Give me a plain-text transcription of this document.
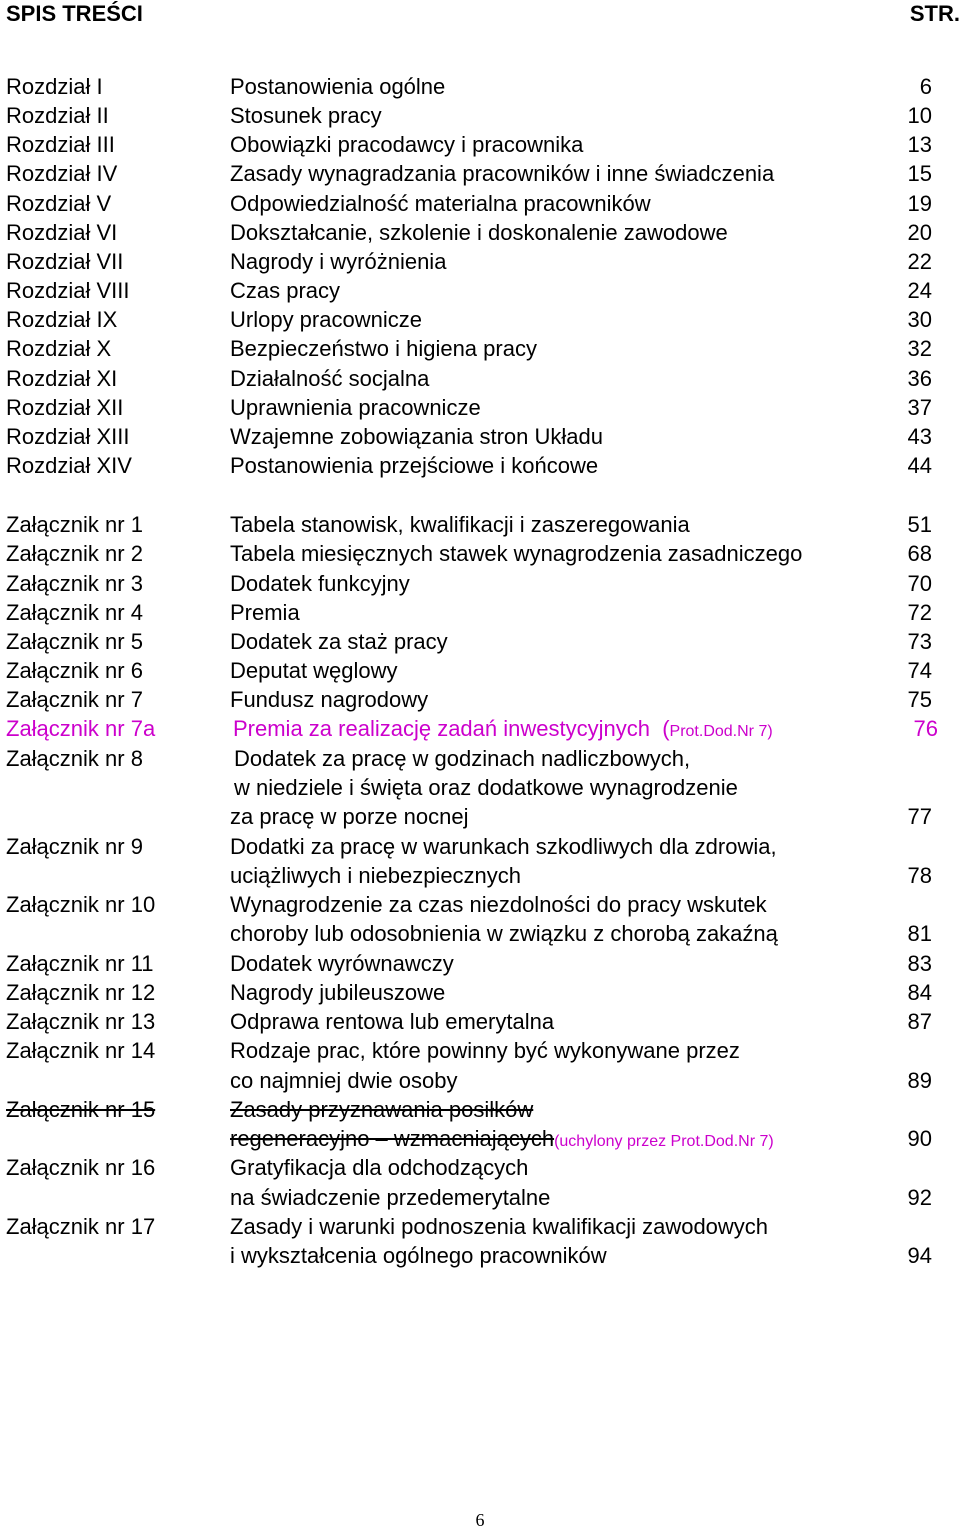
SPIS TREŚCI	STR.
Rozdział I	Postanowienia ogólne	6
Rozdział II	Stosunek pracy	10
Rozdział III	Obowiązki pracodawcy i pracownika	13
Rozdział IV	Zasady wynagradzania pracowników i inne świadczenia	15
Rozdział V	Odpowiedzialność materialna pracowników	19
Rozdział VI	Dokształcanie, szkolenie i doskonalenie zawodowe	20
Rozdział VII	Nagrody i wyróżnienia	22
Rozdział VIII	Czas pracy	24
Rozdział IX	Urlopy pracownicze	30
Rozdział X	Bezpieczeństwo i higiena pracy	32
Rozdział XI	Działalność socjalna	36
Rozdział XII	Uprawnienia pracownicze	37
Rozdział XIII	Wzajemne zobowiązania stron Układu	43
Rozdział XIV	Postanowienia przejściowe i końcowe	44
Załącznik nr 1	Tabela stanowisk, kwalifikacji i zaszeregowania	51
Załącznik nr 2	Tabela miesięcznych stawek wynagrodzenia zasadniczego	68
Załącznik nr 3	Dodatek funkcyjny	70
Załącznik nr 4	Premia	72
Załącznik nr 5	Dodatek za staż pracy	73
Załącznik nr 6	Deputat węglowy	74
Załącznik nr 7	Fundusz nagrodowy	75
Załącznik nr 7a	Premia za realizację zadań inwestycyjnych (Prot.Dod.Nr 7)	76
Załącznik nr 8	Dodatek za pracę w godzinach nadliczbowych,
w niedziele i święta oraz dodatkowe wynagrodzenie
za pracę w porze nocnej	77
Załącznik nr 9	Dodatki za pracę w warunkach szkodliwych dla zdrowia,
uciążliwych i niebezpiecznych	78
Załącznik nr 10	Wynagrodzenie za czas niezdolności do pracy wskutek
choroby lub odosobnienia w związku z chorobą zakaźną	81
Załącznik nr 11	Dodatek wyrównawczy	83
Załącznik nr 12	Nagrody jubileuszowe	84
Załącznik nr 13	Odprawa rentowa lub emerytalna	87
Załącznik nr 14	Rodzaje prac, które powinny być wykonywane przez
co najmniej dwie osoby	89
Załącznik nr 15	Zasady przyznawania posiłków
regeneracyjno – wzmacniających(uchylony przez Prot.Dod.Nr 7)	90
Załącznik nr 16	Gratyfikacja dla odchodzących
na świadczenie przedemerytalne	92
Załącznik nr 17	Zasady i warunki podnoszenia kwalifikacji zawodowych
i wykształcenia ogólnego pracowników	94
6
